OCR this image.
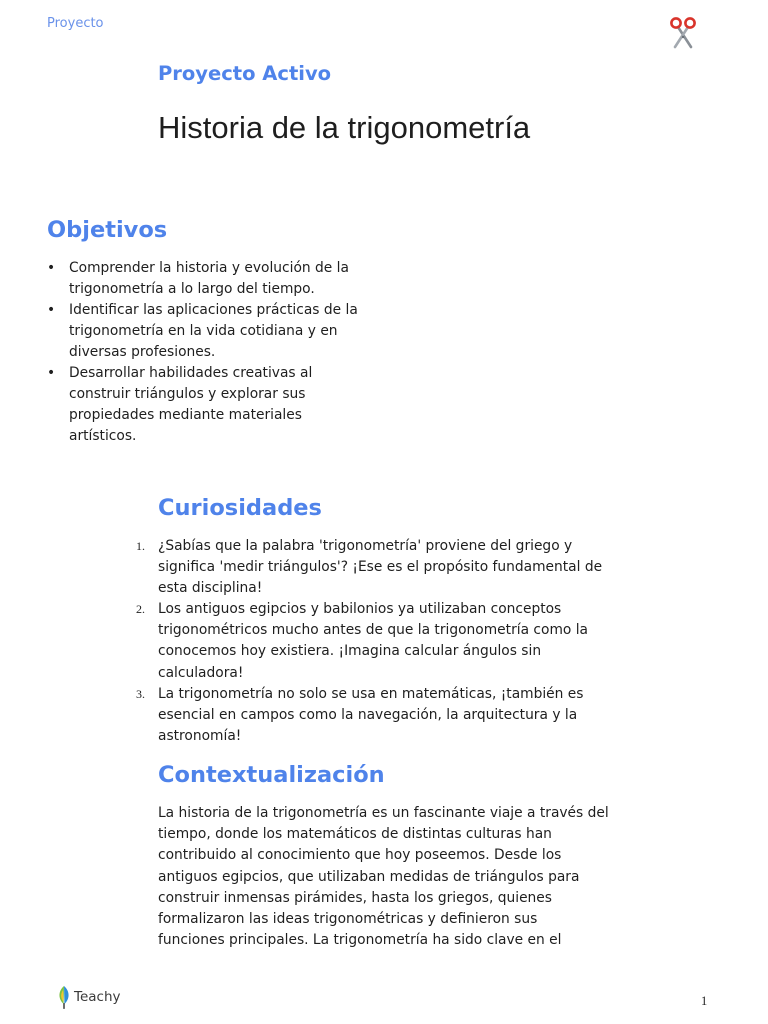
Proyecto
Proyecto Activo
Historia de la trigonometría
Objetivos
•
Comprender la historia y evolución de la
trigonometría a lo largo del tiempo.
•
Identificar las aplicaciones prácticas de la
trigonometría en la vida cotidiana y en
diversas profesiones.
•
Desarrollar habilidades creativas al
construir triángulos y explorar sus
propiedades mediante materiales
artísticos.
Curiosidades
1. ¿Sabías que la palabra 'trigonometría' proviene del griego y
significa 'medir triángulos'? ¡Ese es el propósito fundamental de
esta disciplina!
2. Los antiguos egipcios y babilonios ya utilizaban conceptos
trigonométricos mucho antes de que la trigonometría como la
conocemos hoy existiera. ¡Imagina calcular ángulos sin
calculadora!
3. La trigonometría no solo se usa en matemáticas, ¡también es
esencial en campos como la navegación, la arquitectura y la
astronomía!
Contextualización
La historia de la trigonometría es un fascinante viaje a través del
tiempo, donde los matemáticos de distintas culturas han
contribuido al conocimiento que hoy poseemos. Desde los
antiguos egipcios, que utilizaban medidas de triángulos para
construir inmensas pirámides, hasta los griegos, quienes
formalizaron las ideas trigonométricas y definieron sus
funciones principales. La trigonometría ha sido clave en el
Teachy	1
